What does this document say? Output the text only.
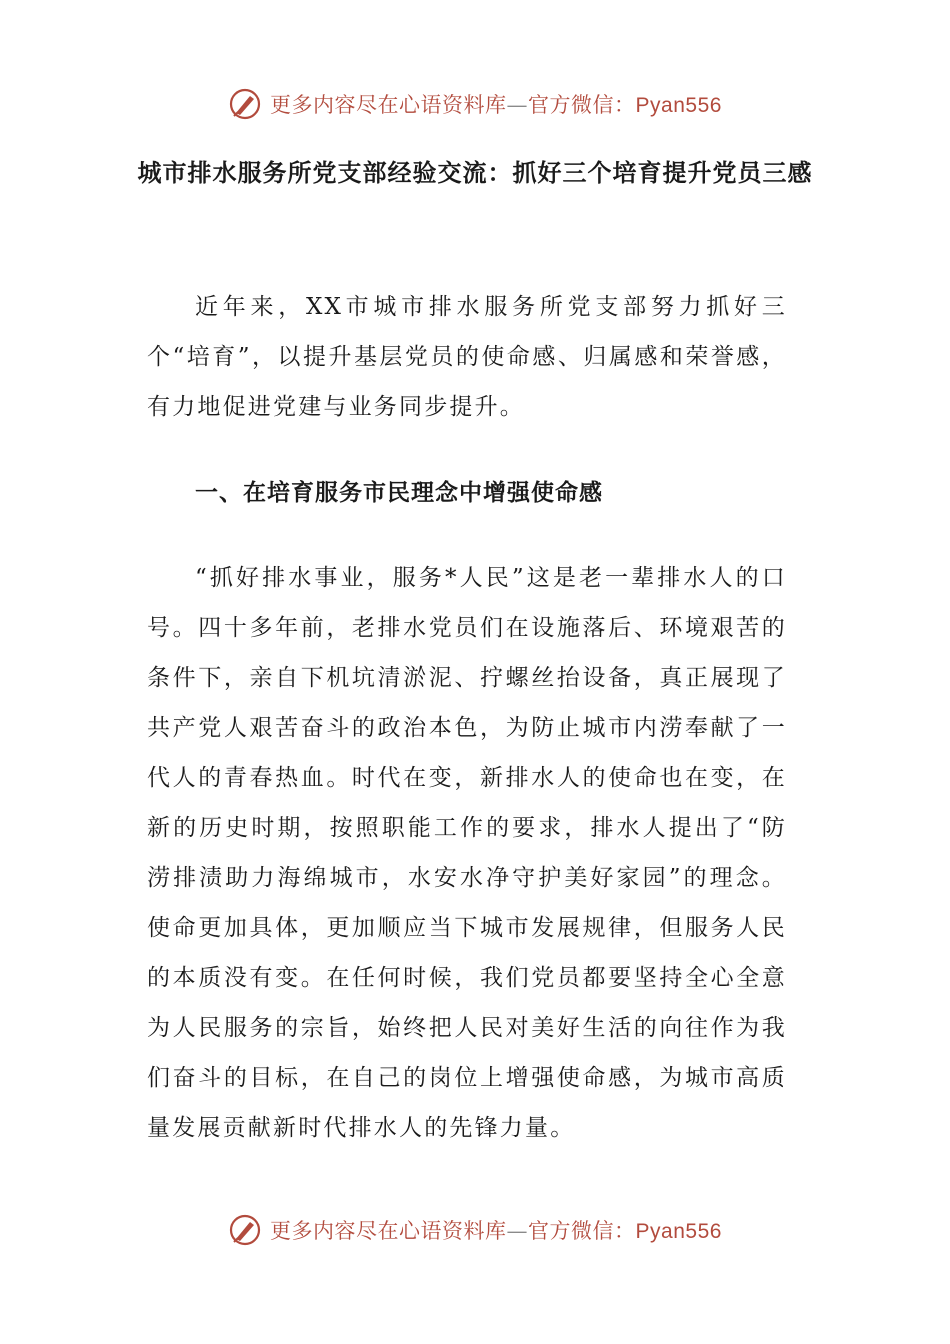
更多内容尽在心语资料库—官方微信：Pyan556
城市排水服务所党支部经验交流：抓好三个培育提升党员三感

近年来，XX市城市排水服务所党支部努力抓好三个“培育”，以提升基层党员的使命感、归属感和荣誉感，有力地促进党建与业务同步提升。

一、在培育服务市民理念中增强使命感

“抓好排水事业，服务*人民”这是老一辈排水人的口号。四十多年前，老排水党员们在设施落后、环境艰苦的条件下，亲自下机坑清淤泥、拧螺丝抬设备，真正展现了共产党人艰苦奋斗的政治本色，为防止城市内涝奉献了一代人的青春热血。时代在变，新排水人的使命也在变，在新的历史时期，按照职能工作的要求，排水人提出了“防涝排渍助力海绵城市，水安水净守护美好家园”的理念。使命更加具体，更加顺应当下城市发展规律，但服务人民的本质没有变。在任何时候，我们党员都要坚持全心全意为人民服务的宗旨，始终把人民对美好生活的向往作为我们奋斗的目标，在自己的岗位上增强使命感，为城市高质量发展贡献新时代排水人的先锋力量。

更多内容尽在心语资料库—官方微信：Pyan556
